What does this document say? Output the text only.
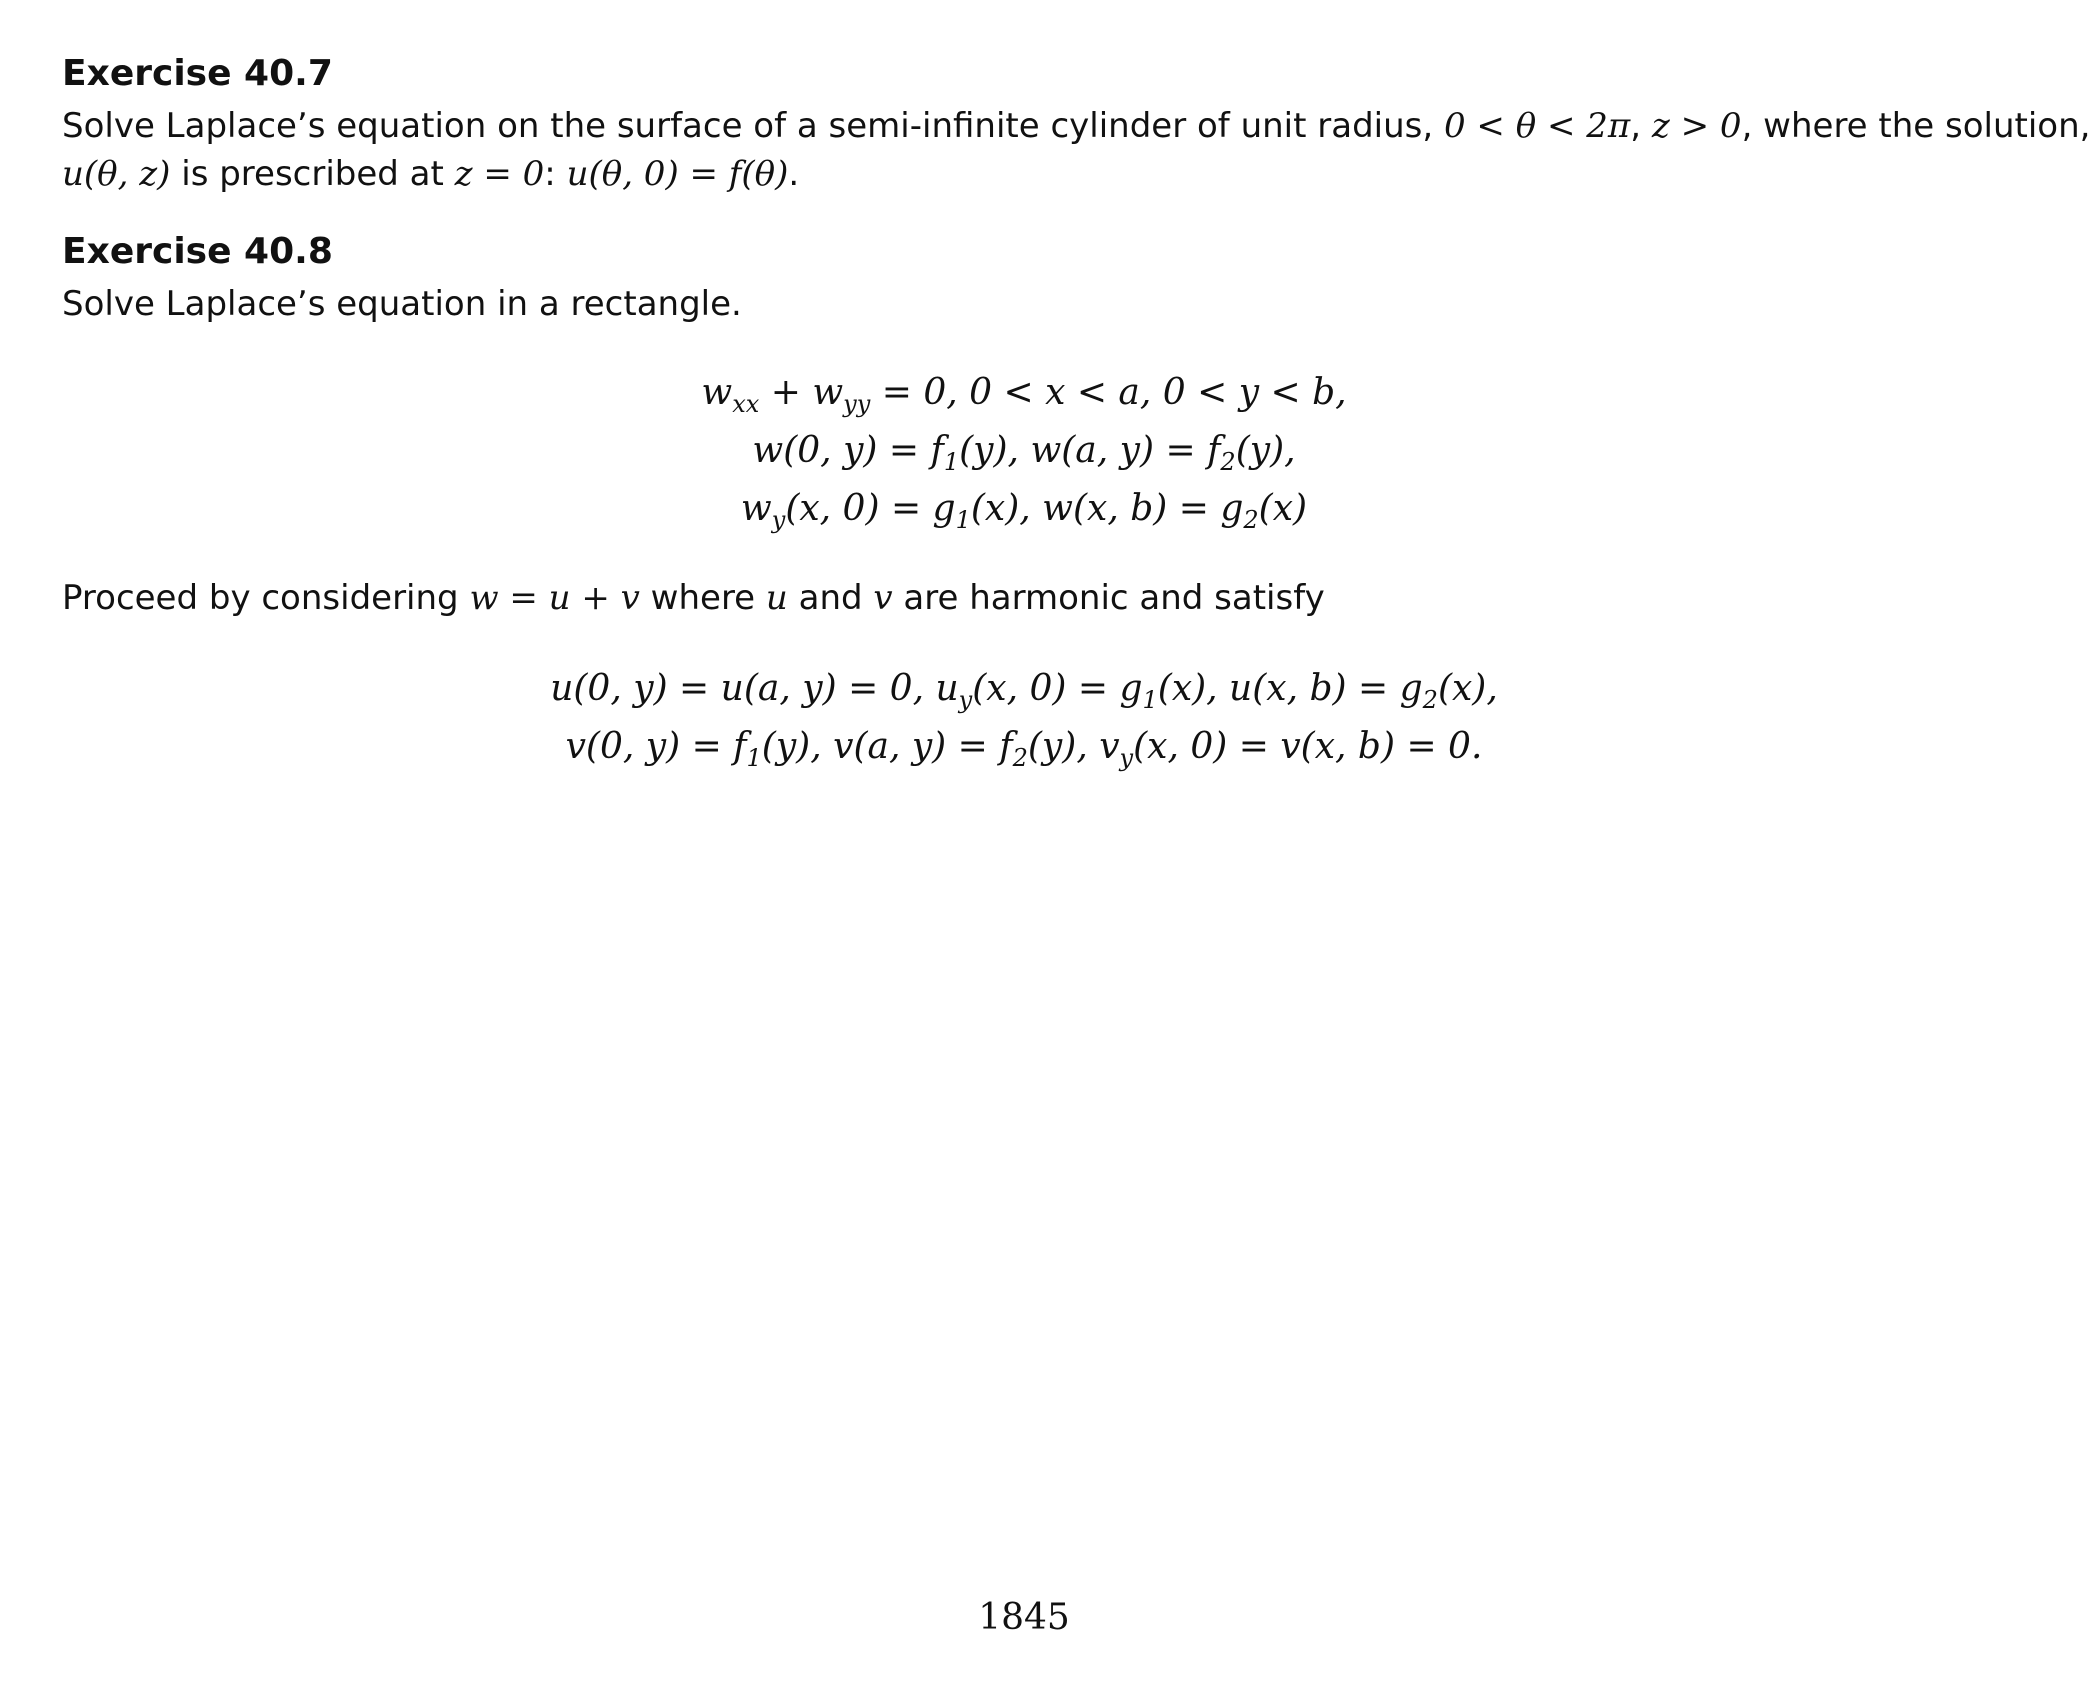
Exercise 40.7
Solve Laplace’s equation on the surface of a semi-infinite cylinder of unit radius, 0 < θ < 2π, z > 0, where the solution,
u(θ, z) is prescribed at z = 0: u(θ, 0) = f(θ).
Exercise 40.8
Solve Laplace’s equation in a rectangle.
$w_{xx} + w_{yy} = 0$, 0 < x < a, 0 < y < b,
w(0, $y) = f_1(y)$, w(a, $y) = f_2(y)$,
$w_y(x$, $0) = g_1(x)$, w(x, $b) = g_2(x)$
Proceed by considering w = u + v where u and v are harmonic and satisfy
u(0, y) = u(a, y) = 0, $u_y(x$, $0) = g_1(x)$, u(x, $b) = g_2(x)$,
v(0, $y) = f_1(y)$, v(a, $y) = f_2(y)$, $v_y(x$, 0) = v(x, b) = 0.
1845
